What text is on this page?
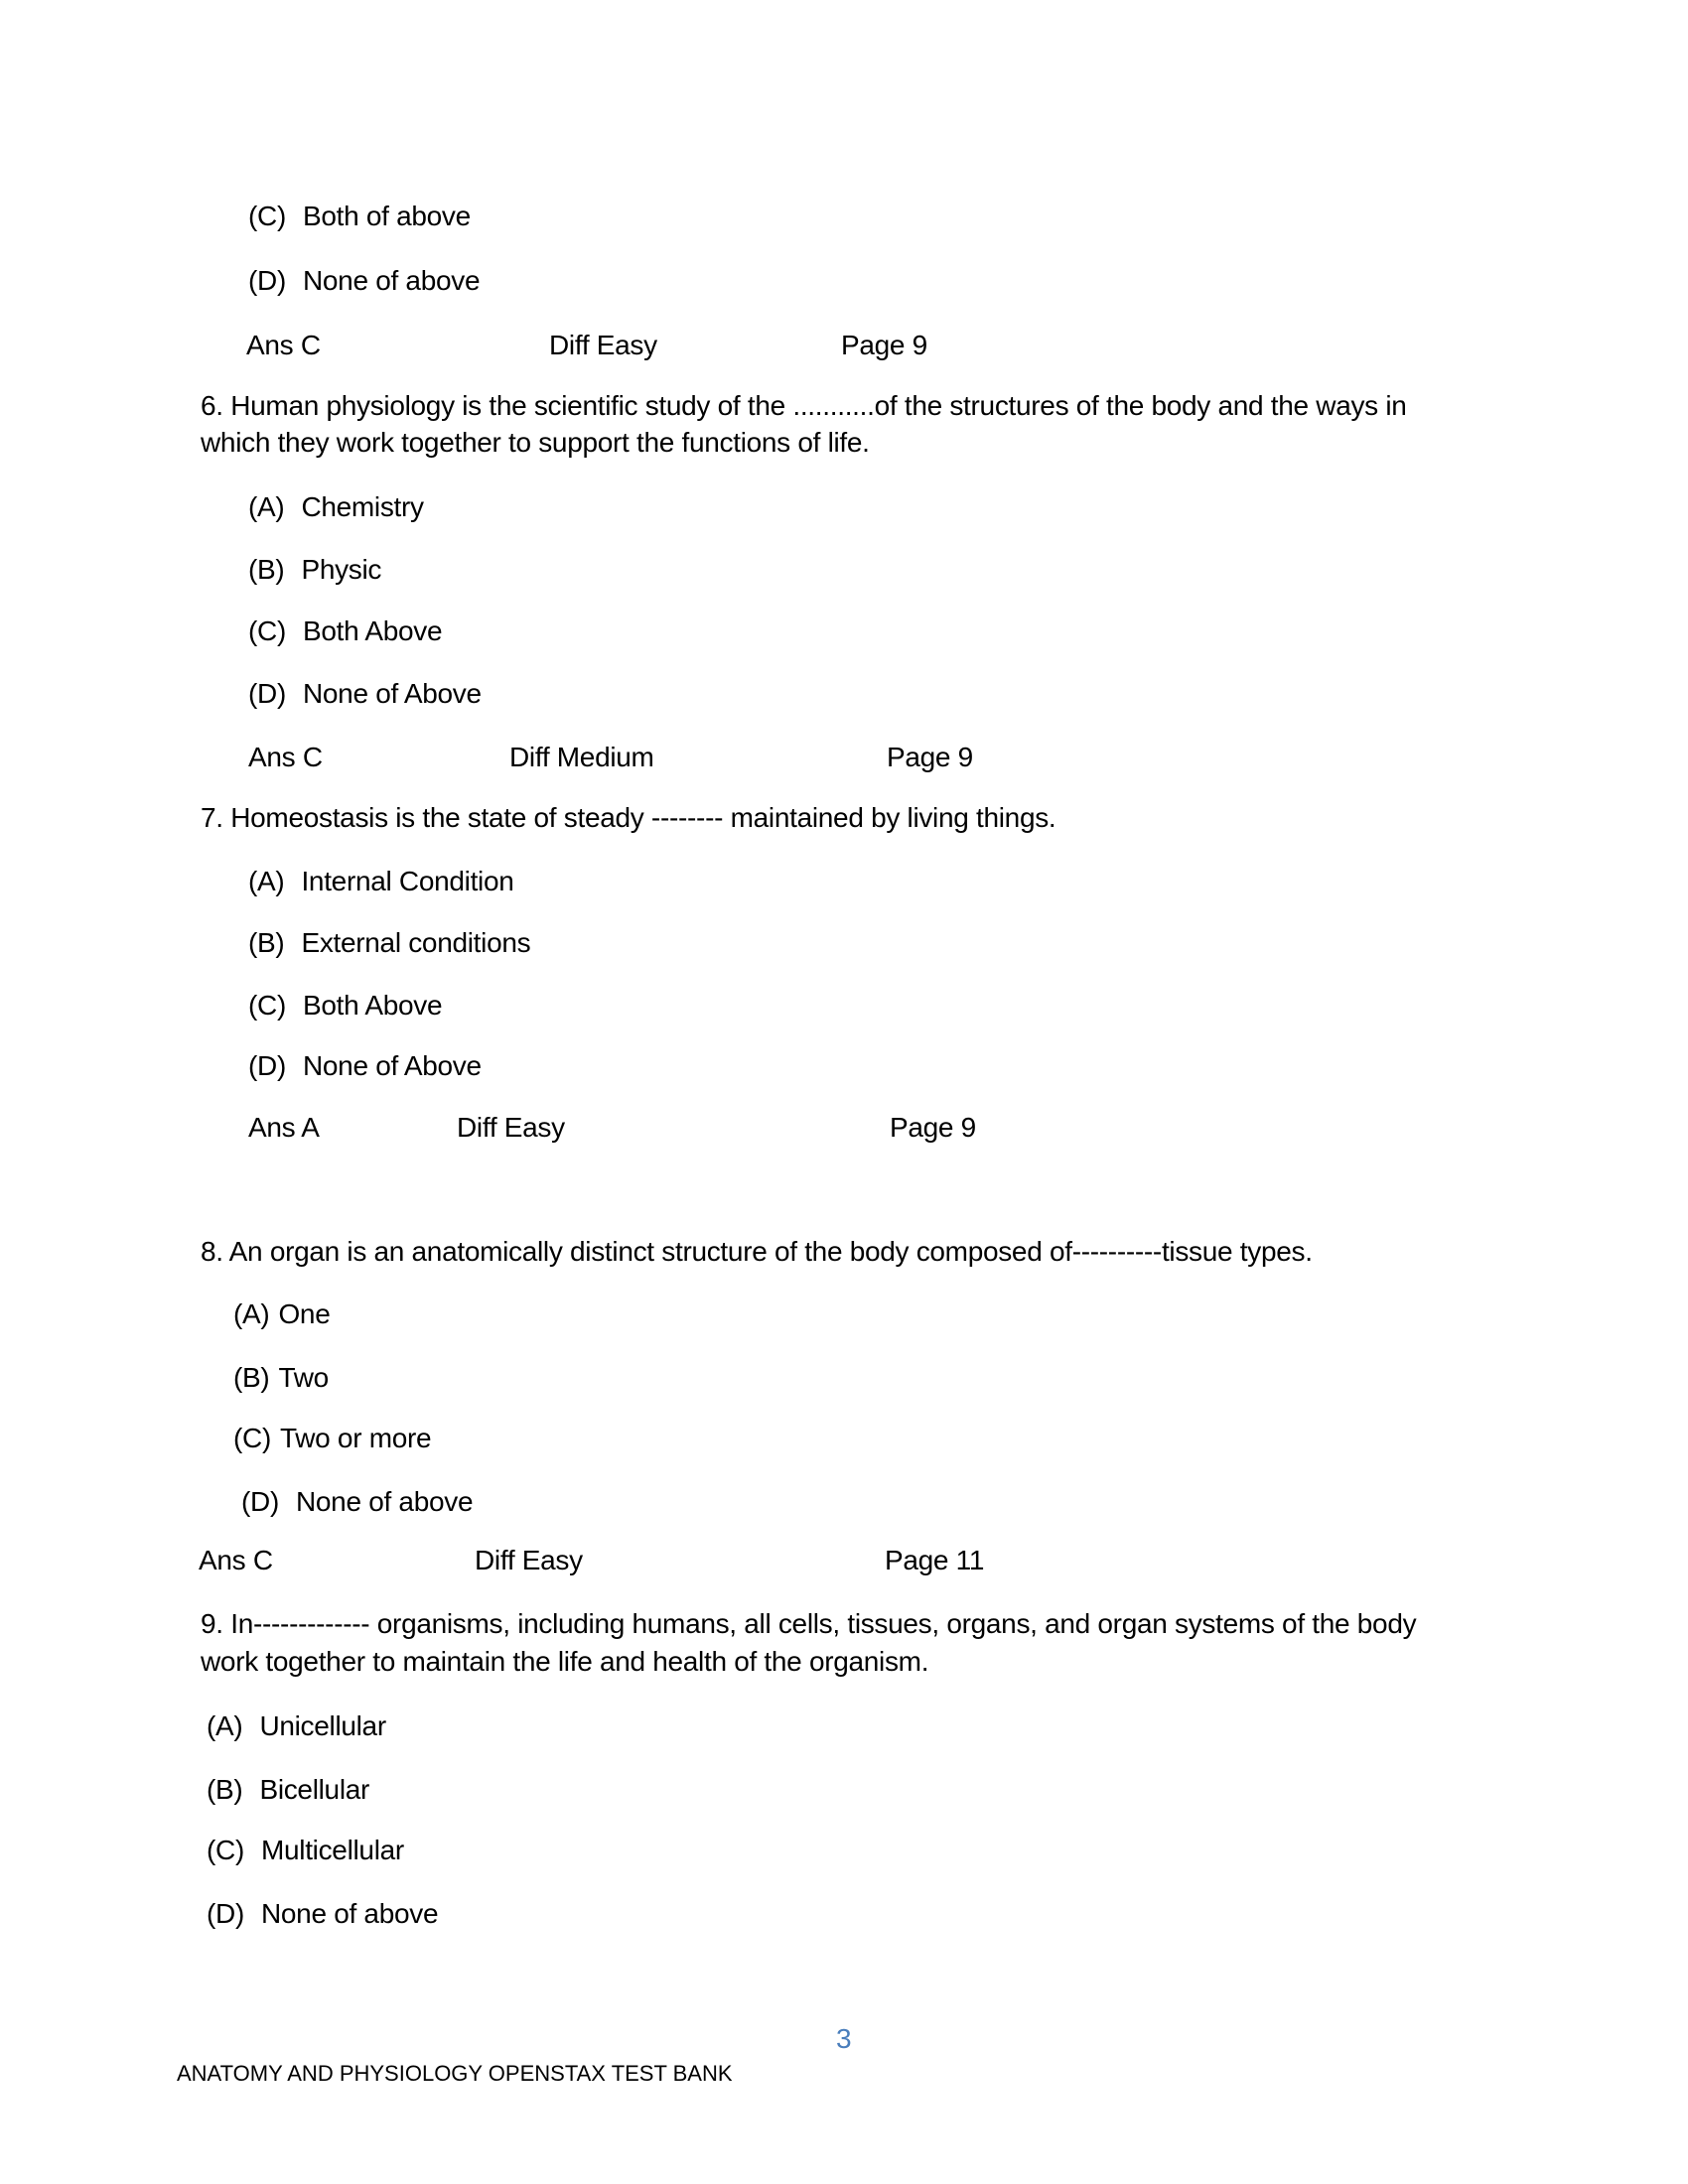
(C) Both of above
(D) None of above
Ans C	Diff Easy	Page 9
6. Human physiology is the scientific study of the ...........of the structures of the body and the ways in
which they work together to support the functions of life.
(A) Chemistry
(B) Physic
(C) Both Above
(D) None of Above
Ans C	Diff Medium	Page 9
7. Homeostasis is the state of steady -------- maintained by living things.
(A) Internal Condition
(B) External conditions
(C) Both Above
(D) None of Above
Ans A	Diff Easy	Page 9
8. An organ is an anatomically distinct structure of the body composed of----------tissue types.
(A) One
(B) Two
(C) Two or more
(D) None of above
Ans C	Diff Easy	Page 11
9. In------------- organisms, including humans, all cells, tissues, organs, and organ systems of the body
work together to maintain the life and health of the organism.
(A) Unicellular
(B) Bicellular
(C) Multicellular
(D) None of above
3
ANATOMY AND PHYSIOLOGY OPENSTAX TEST BANK
